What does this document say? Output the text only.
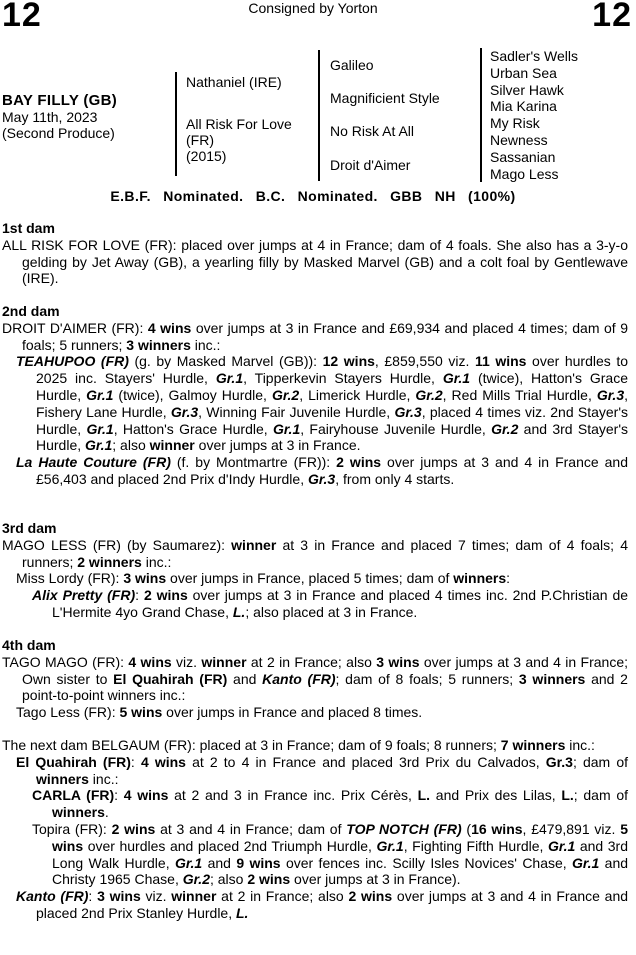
12	Consigned by Yorton	12
BAY FILLY (GB)
May 11th, 2023
(Second Produce)
Nathaniel (IRE)
All Risk For Love
(FR)
(2015)
Galileo
Magnificient Style
No Risk At All
Droit d'Aimer
Sadler's Wells
Urban Sea
Silver Hawk
Mia Karina
My Risk
Newness
Sassanian
Mago Less
E.B.F. Nominated. B.C. Nominated. GBB NH (100%)
1st dam

ALL RISK FOR LOVE (FR): placed over jumps at 4 in France; dam of 4 foals. She also has a 3-y-o gelding by Jet Away (GB), a yearling filly by Masked Marvel (GB) and a colt foal by Gentlewave (IRE).

2nd dam

DROIT D'AIMER (FR): 4 wins over jumps at 3 in France and £69,934 and placed 4 times; dam of 9 foals; 5 runners; 3 winners inc.:

TEAHUPOO (FR) (g. by Masked Marvel (GB)): 12 wins, £859,550 viz. 11 wins over hurdles to 2025 inc. Stayers' Hurdle, Gr.1, Tipperkevin Stayers Hurdle, Gr.1 (twice), Hatton's Grace Hurdle, Gr.1 (twice), Galmoy Hurdle, Gr.2, Limerick Hurdle, Gr.2, Red Mills Trial Hurdle, Gr.3, Fishery Lane Hurdle, Gr.3, Winning Fair Juvenile Hurdle, Gr.3, placed 4 times viz. 2nd Stayer's Hurdle, Gr.1, Hatton's Grace Hurdle, Gr.1, Fairyhouse Juvenile Hurdle, Gr.2 and 3rd Stayer's Hurdle, Gr.1; also winner over jumps at 3 in France.

La Haute Couture (FR) (f. by Montmartre (FR)): 2 wins over jumps at 3 and 4 in France and £56,403 and placed 2nd Prix d'Indy Hurdle, Gr.3, from only 4 starts.

3rd dam

MAGO LESS (FR) (by Saumarez): winner at 3 in France and placed 7 times; dam of 4 foals; 4 runners; 2 winners inc.:

Miss Lordy (FR): 3 wins over jumps in France, placed 5 times; dam of winners:

Alix Pretty (FR): 2 wins over jumps at 3 in France and placed 4 times inc. 2nd P.Christian de L'Hermite 4yo Grand Chase, L.; also placed at 3 in France.

4th dam

TAGO MAGO (FR): 4 wins viz. winner at 2 in France; also 3 wins over jumps at 3 and 4 in France; Own sister to El Quahirah (FR) and Kanto (FR); dam of 8 foals; 5 runners; 3 winners and 2 point-to-point winners inc.:

Tago Less (FR): 5 wins over jumps in France and placed 8 times.

The next dam BELGAUM (FR): placed at 3 in France; dam of 9 foals; 8 runners; 7 winners inc.:

El Quahirah (FR): 4 wins at 2 to 4 in France and placed 3rd Prix du Calvados, Gr.3; dam of winners inc.:

CARLA (FR): 4 wins at 2 and 3 in France inc. Prix Cérès, L. and Prix des Lilas, L.; dam of winners.

Topira (FR): 2 wins at 3 and 4 in France; dam of TOP NOTCH (FR) (16 wins, £479,891 viz. 5 wins over hurdles and placed 2nd Triumph Hurdle, Gr.1, Fighting Fifth Hurdle, Gr.1 and 3rd Long Walk Hurdle, Gr.1 and 9 wins over fences inc. Scilly Isles Novices' Chase, Gr.1 and Christy 1965 Chase, Gr.2; also 2 wins over jumps at 3 in France).

Kanto (FR): 3 wins viz. winner at 2 in France; also 2 wins over jumps at 3 and 4 in France and placed 2nd Prix Stanley Hurdle, L.
